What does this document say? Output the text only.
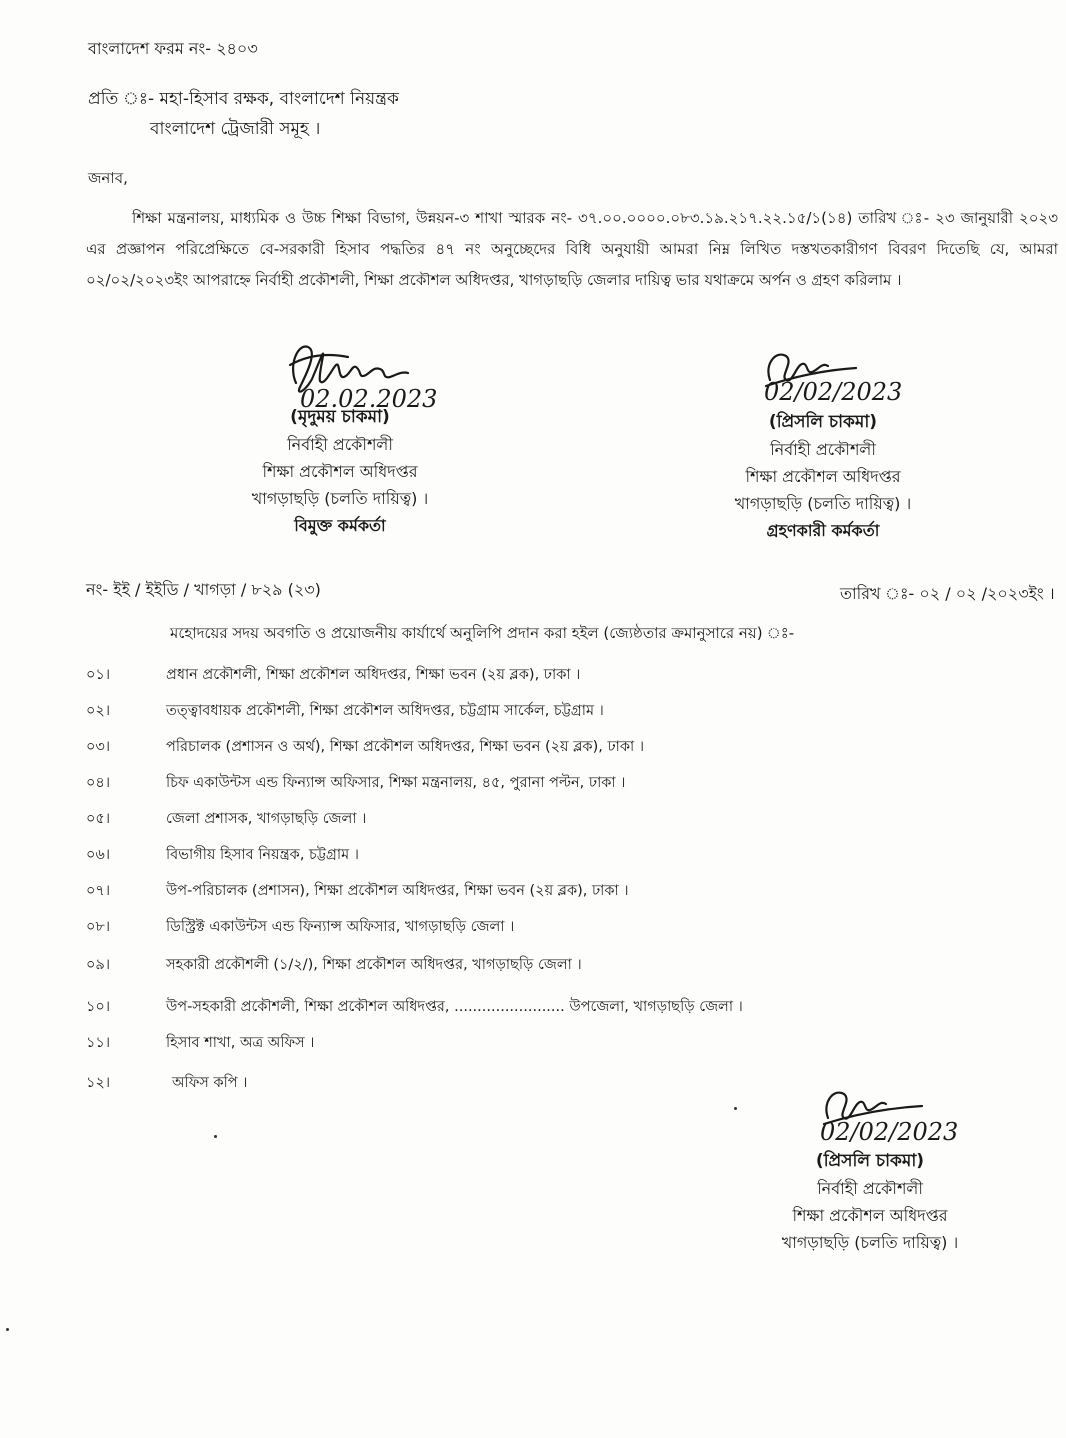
বাংলাদেশ ফরম নং- ২৪০৩
প্রতি ঃ- মহা-হিসাব রক্ষক, বাংলাদেশ নিয়ন্ত্রক
বাংলাদেশ ট্রেজারী সমূহ ।
জনাব,
শিক্ষা মন্ত্রনালয়, মাধ্যমিক ও উচ্চ শিক্ষা বিভাগ, উন্নয়ন-৩ শাখা স্মারক নং- ৩৭.০০.০০০০.০৮৩.১৯.২১৭.২২.১৫/১(১৪) তারিখ ঃ- ২৩ জানুয়ারী ২০২৩ এর প্রজ্ঞাপন পরিপ্রেক্ষিতে বে-সরকারী হিসাব পদ্ধতির ৪৭ নং অনুচ্ছেদের বিধি অনুযায়ী আমরা নিম্ন লিখিত দস্তখতকারীগণ বিবরণ দিতেছি যে, আমরা ০২/০২/২০২৩ইং আপরাহ্নে নির্বাহী প্রকৌশলী, শিক্ষা প্রকৌশল অধিদপ্তর, খাগড়াছড়ি জেলার দায়িত্ব ভার যথাক্রমে অর্পন ও গ্রহণ করিলাম ।
02.02.2023
(মৃদুময় চাকমা)
নির্বাহী প্রকৌশলী
শিক্ষা প্রকৌশল অধিদপ্তর
খাগড়াছড়ি (চলতি দায়িত্ব) ।
বিমুক্ত কর্মকর্তা
02/02/2023
(প্রিসলি চাকমা)
নির্বাহী প্রকৌশলী
শিক্ষা প্রকৌশল অধিদপ্তর
খাগড়াছড়ি (চলতি দায়িত্ব) ।
গ্রহণকারী কর্মকর্তা
নং- ইই / ইইডি / খাগড়া / ৮২৯ (২৩)	তারিখ ঃ- ০২ / ০২ /২০২৩ইং ।
মহোদয়ের সদয় অবগতি ও প্রয়োজনীয় কার্যার্থে অনুলিপি প্রদান করা হইল (জ্যেষ্ঠতার ক্রমানুসারে নয়) ঃ-
০১।	প্রধান প্রকৌশলী, শিক্ষা প্রকৌশল অধিদপ্তর, শিক্ষা ভবন (২য় ব্লক), ঢাকা ।
০২।	তত্ত্বাবধায়ক প্রকৌশলী, শিক্ষা প্রকৌশল অধিদপ্তর, চট্টগ্রাম সার্কেল, চট্টগ্রাম ।
০৩।	পরিচালক (প্রশাসন ও অর্থ), শিক্ষা প্রকৌশল অধিদপ্তর, শিক্ষা ভবন (২য় ব্লক), ঢাকা ।
০৪।	চিফ একাউন্টস এন্ড ফিন্যান্স অফিসার, শিক্ষা মন্ত্রনালয়, ৪৫, পুরানা পল্টন, ঢাকা ।
০৫।	জেলা প্রশাসক, খাগড়াছড়ি জেলা ।
০৬।	বিভাগীয় হিসাব নিয়ন্ত্রক, চট্টগ্রাম ।
০৭।	উপ-পরিচালক (প্রশাসন), শিক্ষা প্রকৌশল অধিদপ্তর, শিক্ষা ভবন (২য় ব্লক), ঢাকা ।
০৮।	ডিস্ট্রিক্ট একাউন্টস এন্ড ফিন্যান্স অফিসার, খাগড়াছড়ি জেলা ।
০৯।	সহকারী প্রকৌশলী (১/২/), শিক্ষা প্রকৌশল অধিদপ্তর, খাগড়াছড়ি জেলা ।
১০।	উপ-সহকারী প্রকৌশলী, শিক্ষা প্রকৌশল অধিদপ্তর, ........................ উপজেলা, খাগড়াছড়ি জেলা ।
১১।	হিসাব শাখা, অত্র অফিস ।
১২।	অফিস কপি ।
02/02/2023
(প্রিসলি চাকমা)
নির্বাহী প্রকৌশলী
শিক্ষা প্রকৌশল অধিদপ্তর
খাগড়াছড়ি (চলতি দায়িত্ব) ।
